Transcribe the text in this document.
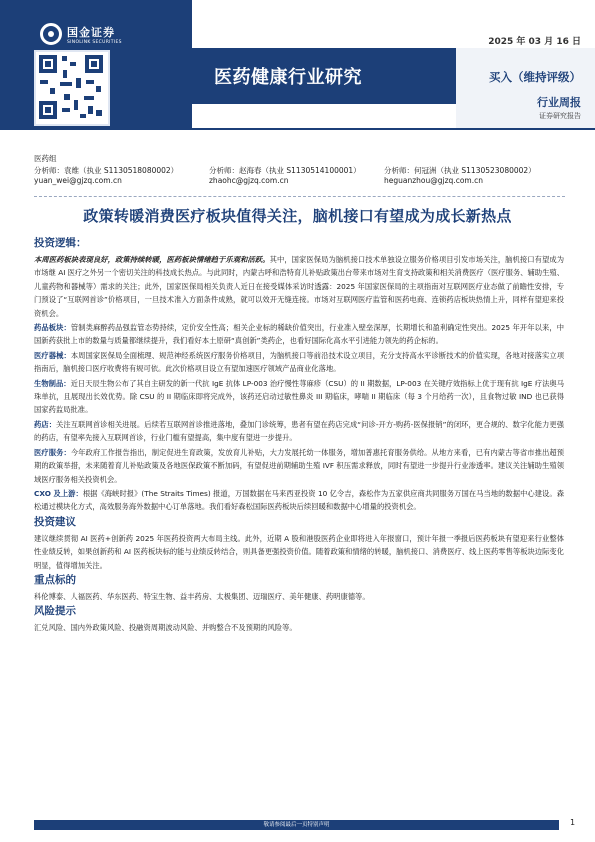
国金证券
SINOLINK SECURITIES
医药健康行业研究
2025 年 03 月 16 日
买入（维持评级）
行业周报
证券研究报告
医药组
分析师：袁维（执业 S1130518080002）
yuan_wei@gjzq.com.cn
分析师：赵海春（执业 S1130514100001）
zhaohc@gjzq.com.cn
分析师：何冠洲（执业 S1130523080002）
heguanzhou@gjzq.com.cn
政策转暖消费医疗板块值得关注，脑机接口有望成为成长新热点
投资逻辑：

本周医药板块表现良好，政策持续转暖，医药板块情绪趋于乐观和活跃。其中，国家医保局为脑机接口技术单独设立服务价格项目引发市场关注，脑机接口有望成为市场继 AI 医疗之外另一个密切关注的科技成长热点。与此同时，内蒙古呼和浩特育儿补贴政策出台带来市场对生育支持政策和相关消费医疗（医疗服务、辅助生殖、儿童药物和器械等）需求的关注；此外，国家医保局相关负责人近日在接受媒体采访时透露：2025 年国家医保局的主项指南对互联网医疗业态做了前瞻性安排，专门预设了“互联网首诊”价格项目，一旦技术准入方面条件成熟，就可以效开无缝连接。市场对互联网医疗监管和医药电商、连锁药店板块热情上升，同样有望迎来投资机会。

药品板块：管制类麻醉药品强监管态势持续，定价安全性高；相关企业标的稀缺价值突出，行业准入壁垒深厚，长期增长和盈利确定性突出。2025 年开年以来，中国新药获批上市的数量与质量都继续提升，我们看好本土原研“真创新”类药企，也看好国际化高水平引进能力领先的药企标的。

医疗器械：本周国家医保局全面梳理、规范神经系统医疗服务价格项目，为脑机接口等前沿技术设立项目，充分支持高水平诊断技术的价值实现，各地对接落实立项指南后，脑机接口医疗收费将有规可依。此次价格项目设立有望加速医疗领域产品商业化落地。

生物制品：近日天辰生物公布了其自主研发的新一代抗 IgE 抗体 LP-003 治疗慢性荨麻疹（CSU）的 II 期数据，LP-003 在关键疗效指标上优于现有抗 IgE 疗法奥马珠单抗，且展现出长效优势。除 CSU 的 II 期临床即将完成外，该药还启动过敏性鼻炎 III 期临床，哮喘 II 期临床（每 3 个月给药一次），且食物过敏 IND 也已获得国家药监局批准。

药店：关注互联网首诊相关进展。后续若互联网首诊推进落地，叠加门诊统筹，患者有望在药店完成“问诊-开方-购药-医保报销”的闭环，更合规的、数字化能力更强的药店，有望率先接入互联网首诊，行业门槛有望提高，集中度有望进一步提升。

医疗服务：今年政府工作报告指出，制定促进生育政策，发放育儿补贴，大力发展托幼一体服务，增加普惠托育服务供给。从地方来看，已有内蒙古等省市推出超预期的政策举措，未来随着育儿补贴政策及各地医保政策不断加码，有望促进前期辅助生殖 IVF 积压需求释放，同时有望进一步提升行业渗透率。建议关注辅助生殖领域医疗服务相关投资机会。

CXO 及上游：根据《海峡时报》(The Straits Times) 报道，万国数据在马来西亚投资 10 亿令吉，森松作为五家供应商共同服务万国在马当地的数据中心建设。森松通过模块化方式，高效服务海外数据中心订单落地。我们看好森松国际医药板块后续回暖和数据中心增量的投资机会。

投资建议

建议继续贯彻 AI 医药+创新药 2025 年医药投资两大布局主线。此外，近期 A 股和港股医药企业即将进入年报窗口，预计年报一季报后医药板块有望迎来行业整体性业绩反转，如果创新药和 AI 医药板块标的能与业绩反转结合，则具备更强投资价值。随着政策和情绪的转暖，脑机接口、消费医疗、线上医药零售等板块边际变化明显，值得增加关注。

重点标的

科伦博泰、人福医药、华东医药、特宝生物、益丰药房、太极集团、迈瑞医疗、美年健康、药明康德等。

风险提示

汇兑风险、国内外政策风险、投融资周期波动风险、并购整合不及预期的风险等。

敬请参阅最后一页特别声明	1
